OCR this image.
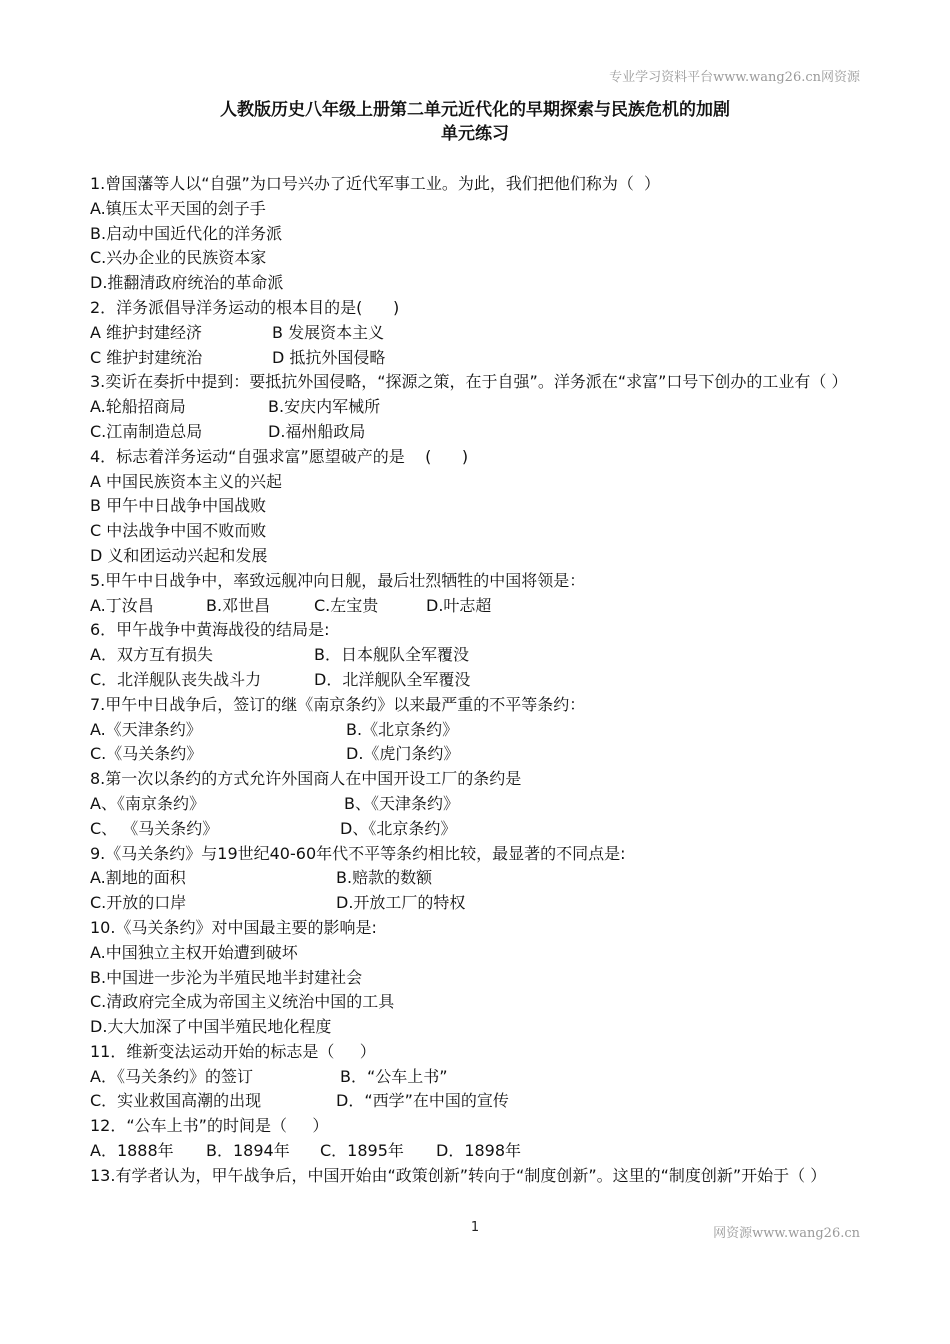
专业学习资料平台www.wang26.cn网资源
人教版历史八年级上册第二单元近代化的早期探索与民族危机的加剧
单元练习
1.曾国藩等人以“自强”为口号兴办了近代军事工业。为此，我们把他们称为（  ）
A.镇压太平天国的刽子手
B.启动中国近代化的洋务派
C.兴办企业的民族资本家
D.推翻清政府统治的革命派
2．洋务派倡导洋务运动的根本目的是(      )
A 维护封建经济	B 发展资本主义
C 维护封建统治	D 抵抗外国侵略
3.奕䜣在奏折中提到：要抵抗外国侵略，“探源之策，在于自强”。洋务派在“求富”口号下创办的工业有（ ）
A.轮船招商局	B.安庆内军械所
C.江南制造总局	D.福州船政局
4．标志着洋务运动“自强求富”愿望破产的是    (      )
A 中国民族资本主义的兴起
B 甲午中日战争中国战败
C 中法战争中国不败而败
D 义和团运动兴起和发展
5.甲午中日战争中，率致远舰冲向日舰，最后壮烈牺牲的中国将领是：
A.丁汝昌	B.邓世昌	C.左宝贵	D.叶志超
6．甲午战争中黄海战役的结局是:
A．双方互有损失	B．日本舰队全军覆没
C．北洋舰队丧失战斗力	D．北洋舰队全军覆没
7.甲午中日战争后，签订的继《南京条约》以来最严重的不平等条约：
A.《天津条约》	B.《北京条约》
C.《马关条约》	D.《虎门条约》
8.第一次以条约的方式允许外国商人在中国开设工厂的条约是
A、《南京条约》	B、《天津条约》
C、 《马关条约》	D、《北京条约》
9.《马关条约》与19世纪40-60年代不平等条约相比较，最显著的不同点是:
A.割地的面积	B.赔款的数额
C.开放的口岸	D.开放工厂的特权
10.《马关条约》对中国最主要的影响是:
A.中国独立主权开始遭到破坏
B.中国进一步沦为半殖民地半封建社会
C.清政府完全成为帝国主义统治中国的工具
D.大大加深了中国半殖民地化程度
11．维新变法运动开始的标志是（     ）
A．《马关条约》的签订	B．“公车上书”
C．实业救国高潮的出现	D．“西学”在中国的宣传
12．“公车上书”的时间是（     ）
A．1888年	B．1894年	C．1895年	D．1898年
13.有学者认为，甲午战争后，中国开始由“政策创新”转向于“制度创新”。这里的“制度创新”开始于（ ）
1	网资源www.wang26.cn
